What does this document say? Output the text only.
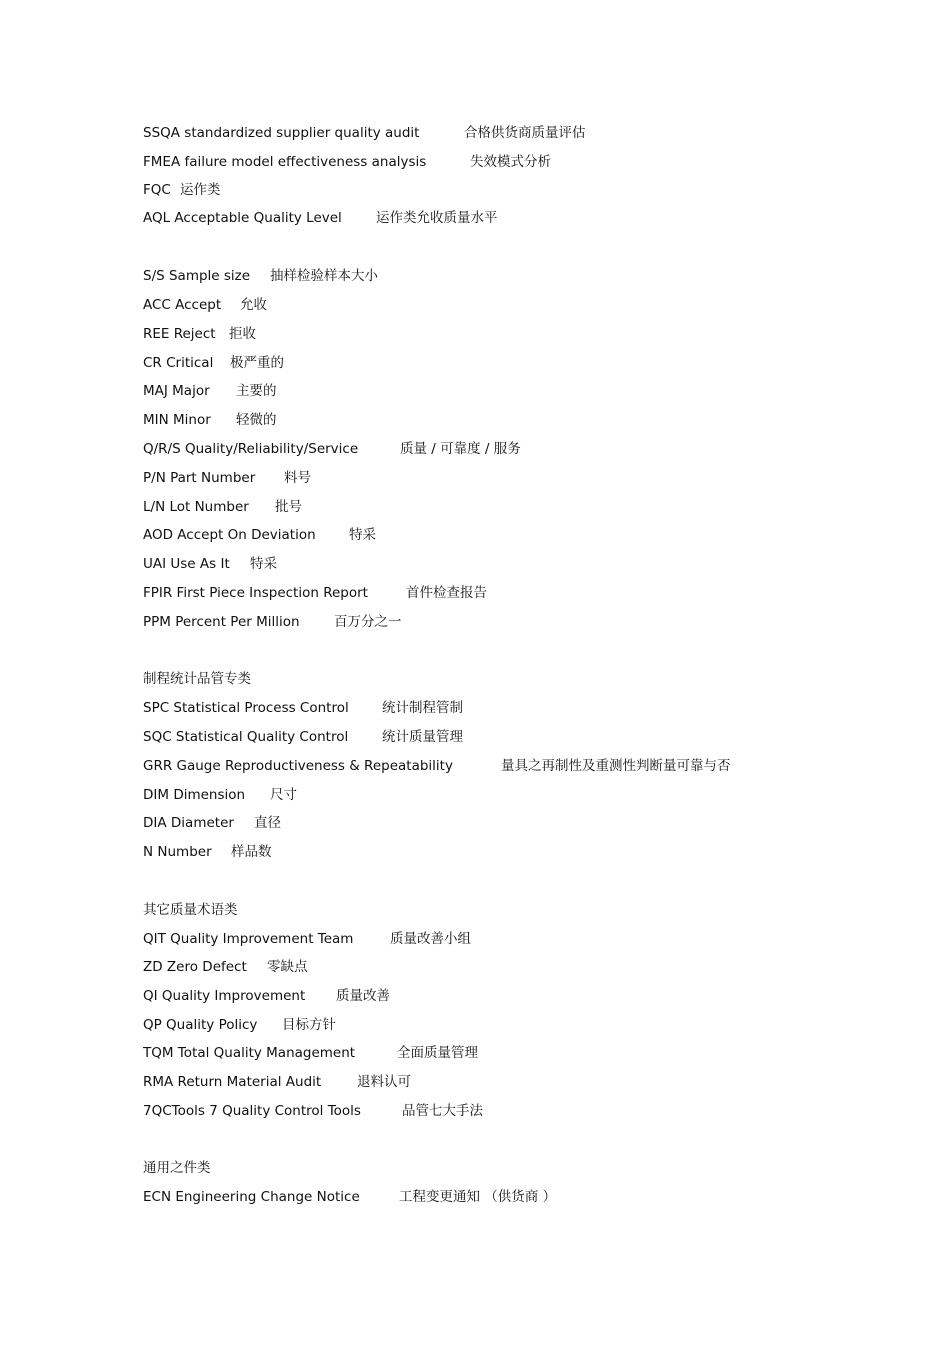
SSQA standardized supplier quality audit	合格供货商质量评估
FMEA failure model effectiveness analysis	失效模式分析
FQC 运作类
AQL Acceptable Quality Level	运作类允收质量水平
S/S Sample size 抽样检验样本大小
ACC Accept 允收
REE Reject 拒收
CR Critical 极严重的
MAJ Major 主要的
MIN Minor 轻微的
Q/R/S Quality/Reliability/Service	质量 / 可靠度 / 服务
P/N Part Number 料号
L/N Lot Number 批号
AOD Accept On Deviation 特采
UAI Use As It 特采
FPIR First Piece Inspection Report	首件检查报告
PPM Percent Per Million	百万分之一
制程统计品管专类
SPC Statistical Process Control 统计制程管制
SQC Statistical Quality Control	统计质量管理
GRR Gauge Reproductiveness & Repeatability	量具之再制性及重测性判断量可靠与否
DIM Dimension 尺寸
DIA Diameter 直径
N Number 样品数
其它质量术语类
QIT Quality Improvement Team	质量改善小组
ZD Zero Defect 零缺点
QI Quality Improvement 质量改善
QP Quality Policy 目标方针
TQM Total Quality Management	全面质量管理
RMA Return Material Audit	退料认可
7QCTools 7 Quality Control Tools	品管七大手法
通用之件类
ECN Engineering Change Notice	工程变更通知 （供货商 ）
